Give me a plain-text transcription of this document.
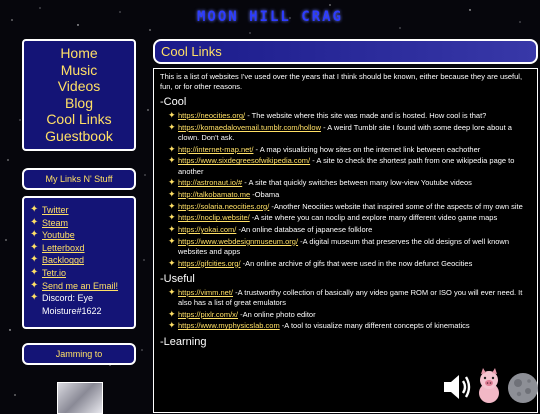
MOON HILL CRAG
Home
Music
Videos
Blog
Cool Links
Guestbook
My Links N' Stuff
✦ Twitter
✦ Steam
✦ Youtube
✦ Letterboxd
✦ Backloggd
✦ Tetr.io
✦ Send me an Email!
✦ Discord: Eye Moisture#1622
Jamming to
Cool Links

This is a list of websites I've used over the years that I think should be known, either because they are useful, fun, or for other reasons.

-Cool
✦ https://neocities.org/ - The website where this site was made and is hosted. How cool is that?
✦ https://komaedalovemail.tumblr.com/hollow - A weird Tumblr site I found with some deep lore about a clown. Don't ask.
✦ http://internet-map.net/ - A map visualizing how sites on the internet link between eachother
✦ https://www.sixdegreesofwikipedia.com/ - A site to check the shortest path from one wikipedia page to another
✦ http://astronaut.io/# - A site that quickly switches between many low-view Youtube videos
✦ http://talkobamato.me -Obama
✦ https://solaria.neocities.org/ -Another Neocities website that inspired some of the aspects of my own site
✦ https://noclip.website/ -A site where you can noclip and explore many different video game maps
✦ https://yokai.com/ -An online database of japanese folklore
✦ https://www.webdesignmuseum.org/ -A digital museum that preserves the old designs of well known websites and apps
✦ https://gifcities.org/ -An online archive of gifs that were used in the now defunct Geocities
-Useful
✦ https://vimm.net/ -A trustworthy collection of basically any video game ROM or ISO you will ever need. It also has a list of great emulators
✦ https://pixlr.com/x/ -An online photo editor
✦ https://www.myphysicslab.com -A tool to visualize many different concepts of kinematics
-Learning
